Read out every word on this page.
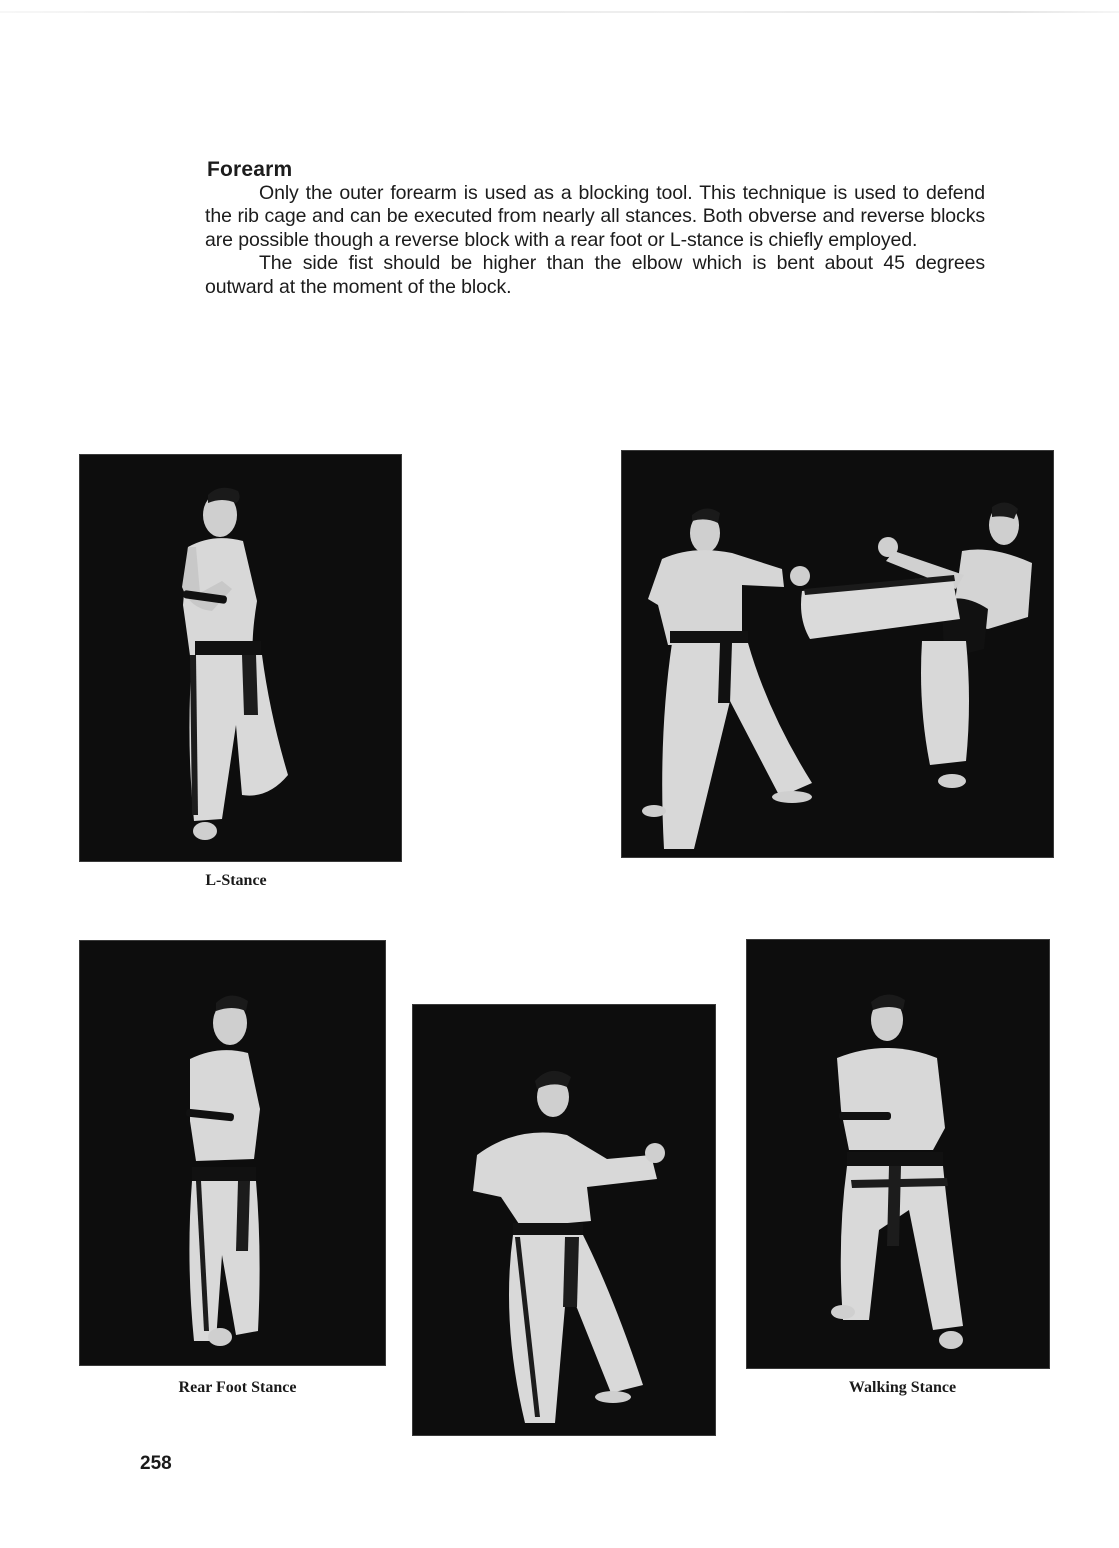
Forearm

Only the outer forearm is used as a blocking tool. This technique is used to defend the rib cage and can be executed from nearly all stances. Both obverse and reverse blocks are possible though a reverse block with a rear foot or L-stance is chiefly employed.

The side fist should be higher than the elbow which is bent about 45 degrees outward at the moment of the block.

L-Stance
Rear Foot Stance	Walking Stance
258
